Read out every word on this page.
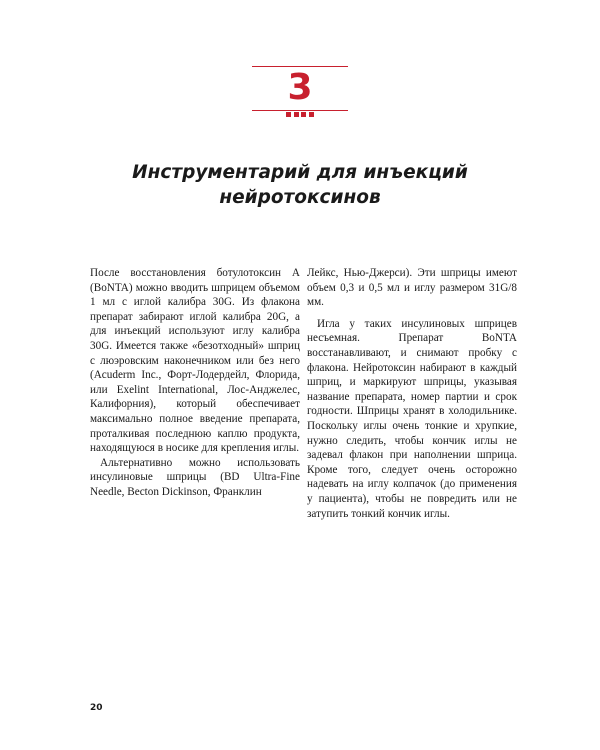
3
Инструментарий для инъекций
нейротоксинов

После восстановления ботулотоксин A (BoNTA) можно вводить шприцем объемом 1 мл с иглой калибра 30G. Из флакона препарат забирают иглой калибра 20G, а для инъекций используют иглу калибра 30G. Имеется также «безотходный» шприц с люэровским наконечником или без него (Acuderm Inc., Форт-Лодердейл, Флорида, или Exelint International, Лос-Анджелес, Калифорния), который обеспечивает максимально полное введение препарата, проталкивая последнюю каплю продукта, находящуюся в носике для крепления иглы.

Альтернативно можно использовать инсулиновые шприцы (BD Ultra-Fine Needle, Becton Dickinson, Франклин

Лейкс, Нью-Джерси). Эти шприцы имеют объем 0,3 и 0,5 мл и иглу размером 31G/8 мм.

Игла у таких инсулиновых шприцев несъемная. Препарат BoNTA восстанавливают, и снимают пробку с флакона. Нейротоксин набирают в каждый шприц, и маркируют шприцы, указывая название препарата, номер партии и срок годности. Шприцы хранят в холодильнике. Поскольку иглы очень тонкие и хрупкие, нужно следить, чтобы кончик иглы не задевал флакон при наполнении шприца. Кроме того, следует очень осторожно надевать на иглу колпачок (до применения у пациента), чтобы не повредить или не затупить тонкий кончик иглы.

20
